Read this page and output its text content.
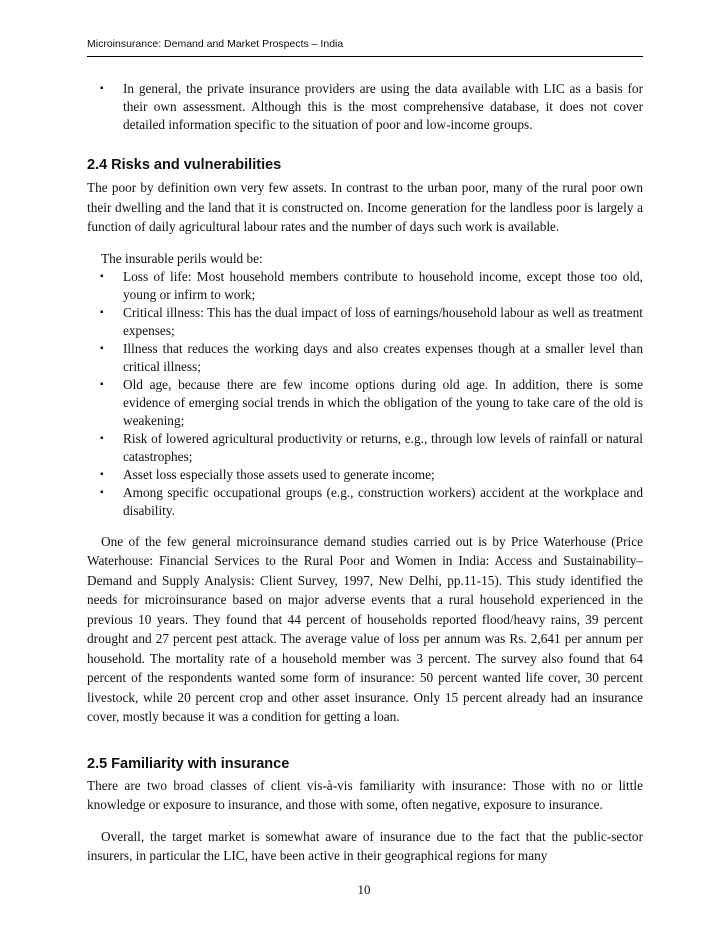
Microinsurance: Demand and Market Prospects – India
▪ In general, the private insurance providers are using the data available with LIC as a basis for their own assessment. Although this is the most comprehensive database, it does not cover detailed information specific to the situation of poor and low-income groups.
2.4 Risks and vulnerabilities

The poor by definition own very few assets. In contrast to the urban poor, many of the rural poor own their dwelling and the land that it is constructed on. Income generation for the landless poor is largely a function of daily agricultural labour rates and the number of days such work is available.

The insurable perils would be:

▪ Loss of life: Most household members contribute to household income, except those too old, young or infirm to work;
▪ Critical illness: This has the dual impact of loss of earnings/household labour as well as treatment expenses;
▪ Illness that reduces the working days and also creates expenses though at a smaller level than critical illness;
▪ Old age, because there are few income options during old age. In addition, there is some evidence of emerging social trends in which the obligation of the young to take care of the old is weakening;
▪ Risk of lowered agricultural productivity or returns, e.g., through low levels of rainfall or natural catastrophes;
▪ Asset loss especially those assets used to generate income;
▪ Among specific occupational groups (e.g., construction workers) accident at the workplace and disability.

One of the few general microinsurance demand studies carried out is by Price Waterhouse (Price Waterhouse: Financial Services to the Rural Poor and Women in India: Access and Sustainability–Demand and Supply Analysis: Client Survey, 1997, New Delhi, pp.11-15). This study identified the needs for microinsurance based on major adverse events that a rural household experienced in the previous 10 years. They found that 44 percent of households reported flood/heavy rains, 39 percent drought and 27 percent pest attack. The average value of loss per annum was Rs. 2,641 per annum per household. The mortality rate of a household member was 3 percent. The survey also found that 64 percent of the respondents wanted some form of insurance: 50 percent wanted life cover, 30 percent livestock, while 20 percent crop and other asset insurance. Only 15 percent already had an insurance cover, mostly because it was a condition for getting a loan.

2.5 Familiarity with insurance

There are two broad classes of client vis-à-vis familiarity with insurance: Those with no or little knowledge or exposure to insurance, and those with some, often negative, exposure to insurance.

Overall, the target market is somewhat aware of insurance due to the fact that the public-sector insurers, in particular the LIC, have been active in their geographical regions for many

10
